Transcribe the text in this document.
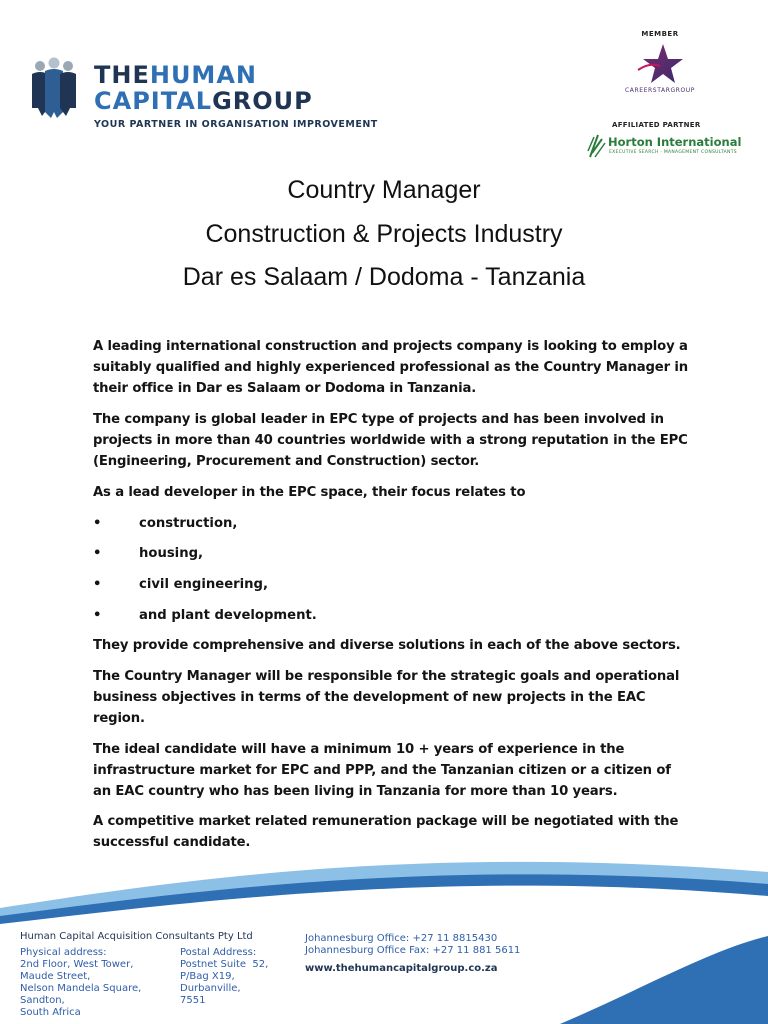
THEHUMAN
CAPITALGROUP
YOUR PARTNER IN ORGANISATION IMPROVEMENT
MEMBER
CAREERSTARGROUP
AFFILIATED PARTNER
Horton International
EXECUTIVE SEARCH · MANAGEMENT CONSULTANTS
Country Manager
Construction & Projects Industry
Dar es Salaam / Dodoma - Tanzania

A leading international construction and projects company is looking to employ a suitably qualified and highly experienced professional as the Country Manager in their office in Dar es Salaam or Dodoma in Tanzania.

The company is global leader in EPC type of projects and has been involved in projects in more than 40 countries worldwide with a strong reputation in the EPC (Engineering, Procurement and Construction) sector.

As a lead developer in the EPC space, their focus relates to

•	construction,
•	housing,
•	civil engineering,
•	and plant development.

They provide comprehensive and diverse solutions in each of the above sectors.

The Country Manager will be responsible for the strategic goals and operational business objectives in terms of the development of new projects in the EAC region.

The ideal candidate will have a minimum 10 + years of experience in the infrastructure market for EPC and PPP, and the Tanzanian citizen or a citizen of an EAC country who has been living in Tanzania for more than 10 years.

A competitive market related remuneration package will be negotiated with the successful candidate.

Human Capital Acquisition Consultants Pty Ltd
Physical address:
2nd Floor, West Tower,
Maude Street,
Nelson Mandela Square,
Sandton,
South Africa
Postal Address:
Postnet Suite  52,
P/Bag X19,
Durbanville,
7551
Johannesburg Office: +27 11 8815430
Johannesburg Office Fax: +27 11 881 5611
www.thehumancapitalgroup.co.za
